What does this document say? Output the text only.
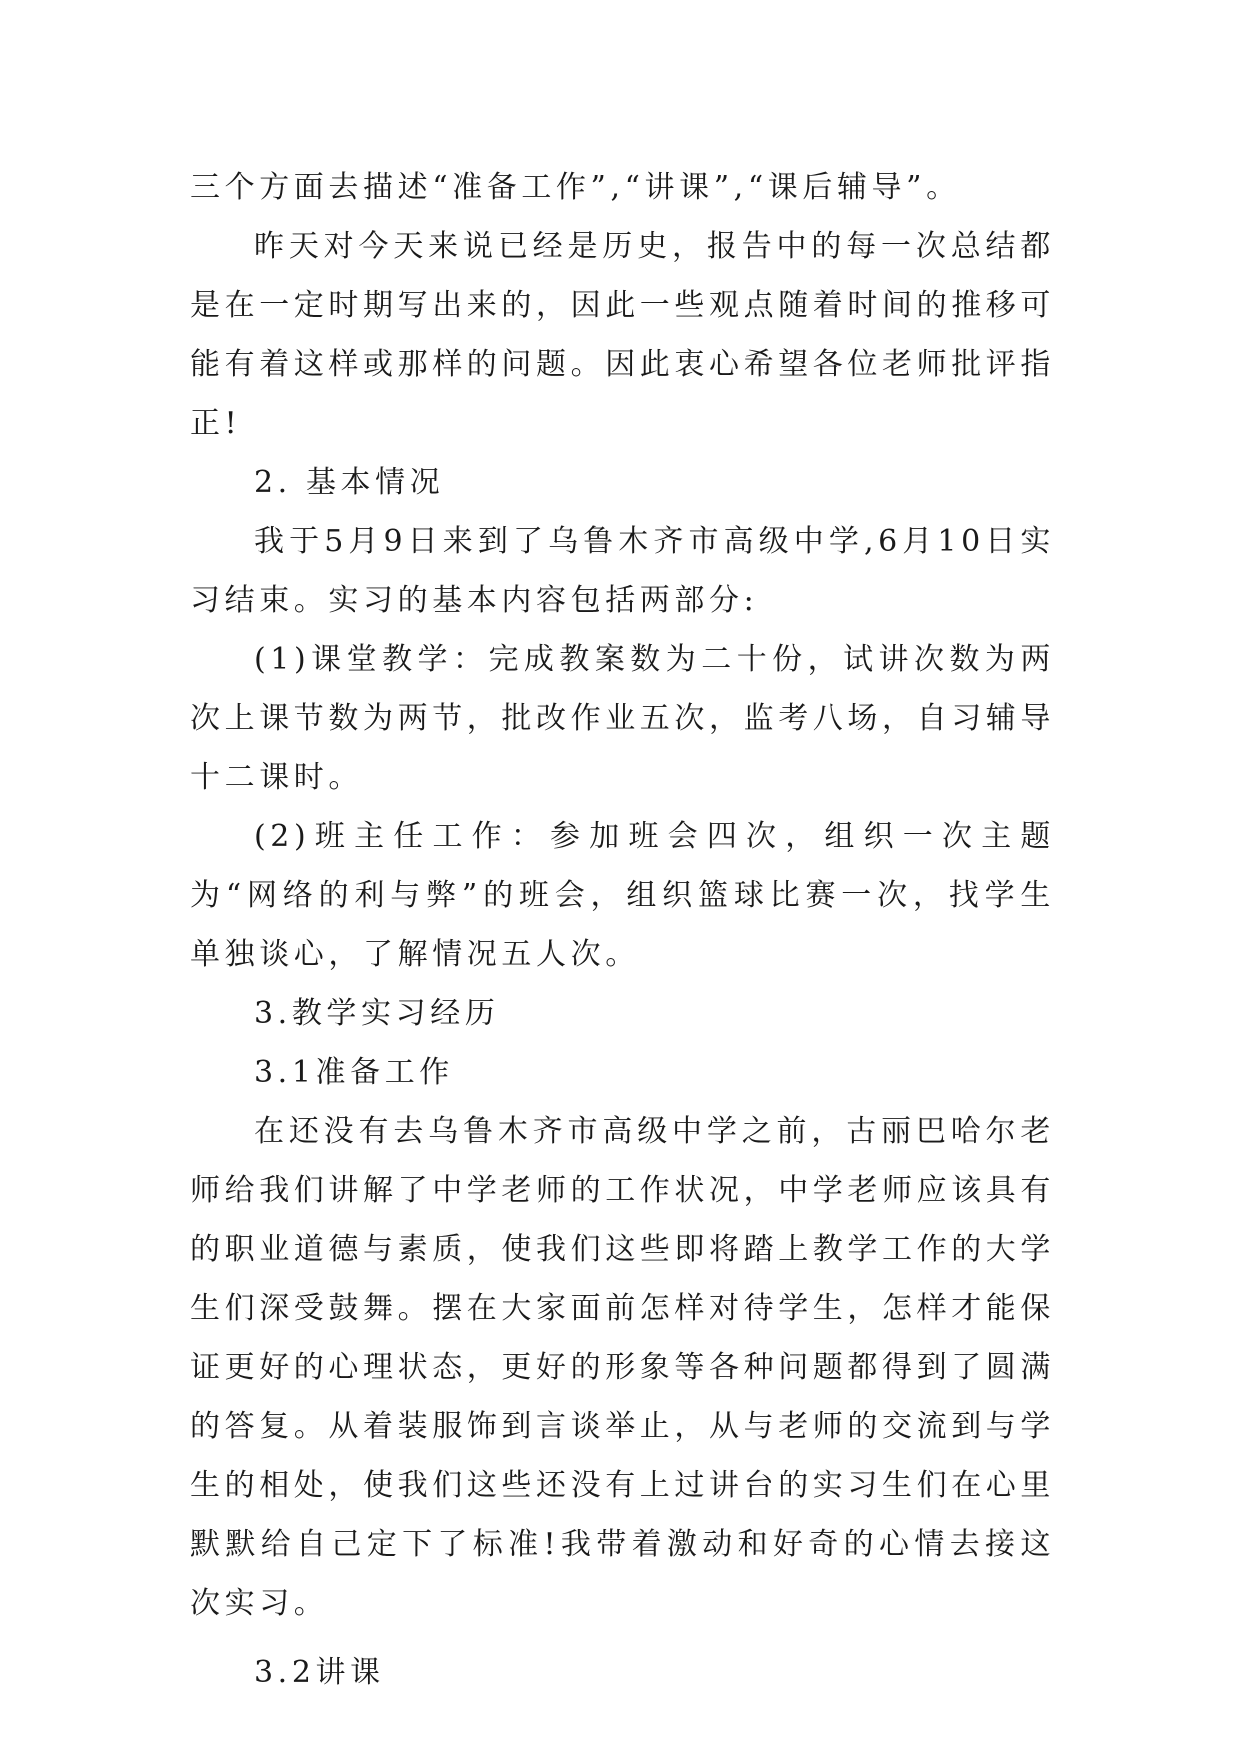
三个方面去描述“准备工作”,“讲课”,“课后辅导”。

昨天对今天来说已经是历史，报告中的每一次总结都是在一定时期写出来的，因此一些观点随着时间的推移可能有着这样或那样的问题。因此衷心希望各位老师批评指正!

2. 基本情况

我于5月9日来到了乌鲁木齐市高级中学,6月10日实习结束。实习的基本内容包括两部分:

(1)课堂教学：完成教案数为二十份，试讲次数为两次上课节数为两节，批改作业五次，监考八场，自习辅导十二课时。

(2)班主任工作：参加班会四次，组织一次主题为“网络的利与弊”的班会，组织篮球比赛一次，找学生单独谈心，了解情况五人次。

3.教学实习经历

3.1准备工作

在还没有去乌鲁木齐市高级中学之前，古丽巴哈尔老师给我们讲解了中学老师的工作状况，中学老师应该具有的职业道德与素质，使我们这些即将踏上教学工作的大学生们深受鼓舞。摆在大家面前怎样对待学生，怎样才能保证更好的心理状态，更好的形象等各种问题都得到了圆满的答复。从着装服饰到言谈举止，从与老师的交流到与学生的相处，使我们这些还没有上过讲台的实习生们在心里默默给自己定下了标准!我带着激动和好奇的心情去接这次实习。

3.2讲课
